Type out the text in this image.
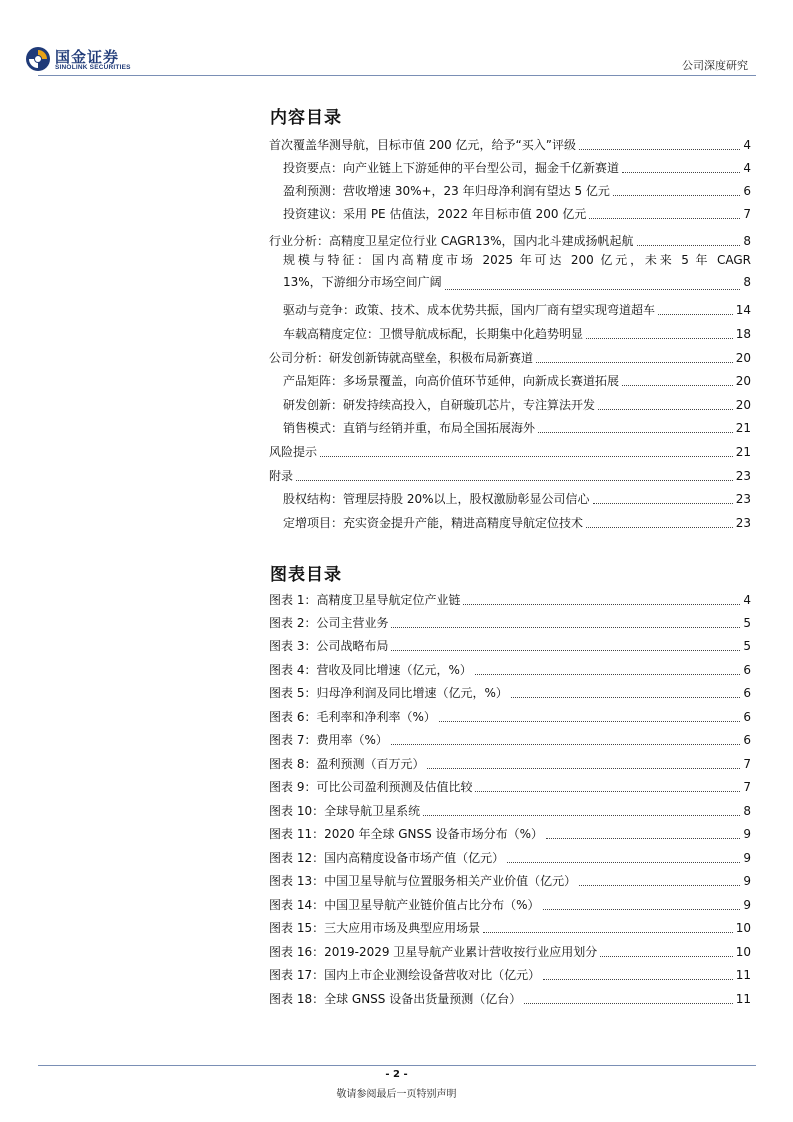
国金证券
SINOLINK SECURITIES	公司深度研究
内容目录
首次覆盖华测导航，目标市值 200 亿元，给予“买入”评级	4
投资要点：向产业链上下游延伸的平台型公司，掘金千亿新赛道	4
盈利预测：营收增速 30%+，23 年归母净利润有望达 5 亿元	6
投资建议：采用 PE 估值法，2022 年目标市值 200 亿元	7
行业分析：高精度卫星定位行业 CAGR13%，国内北斗建成扬帆起航	8
规模与特征：国内高精度市场 2025 年可达 200 亿元，未来 5 年 CAGR
13%，下游细分市场空间广阔	8
驱动与竞争：政策、技术、成本优势共振，国内厂商有望实现弯道超车	14
车载高精度定位：卫惯导航成标配，长期集中化趋势明显	18
公司分析：研发创新铸就高壁垒，积极布局新赛道	20
产品矩阵：多场景覆盖，向高价值环节延伸，向新成长赛道拓展	20
研发创新：研发持续高投入，自研璇玑芯片，专注算法开发	20
销售模式：直销与经销并重，布局全国拓展海外	21
风险提示	21
附录	23
股权结构：管理层持股 20%以上，股权激励彰显公司信心	23
定增项目：充实资金提升产能，精进高精度导航定位技术	23
图表目录
图表 1：高精度卫星导航定位产业链	4
图表 2：公司主营业务	5
图表 3：公司战略布局	5
图表 4：营收及同比增速（亿元，%）	6
图表 5：归母净利润及同比增速（亿元，%）	6
图表 6：毛利率和净利率（%）	6
图表 7：费用率（%）	6
图表 8：盈利预测（百万元）	7
图表 9：可比公司盈利预测及估值比较	7
图表 10：全球导航卫星系统	8
图表 11：2020 年全球 GNSS 设备市场分布（%）	9
图表 12：国内高精度设备市场产值（亿元）	9
图表 13：中国卫星导航与位置服务相关产业价值（亿元）	9
图表 14：中国卫星导航产业链价值占比分布（%）	9
图表 15：三大应用市场及典型应用场景	10
图表 16：2019-2029 卫星导航产业累计营收按行业应用划分	10
图表 17：国内上市企业测绘设备营收对比（亿元）	11
图表 18：全球 GNSS 设备出货量预测（亿台）	11
- 2 -
敬请参阅最后一页特别声明
